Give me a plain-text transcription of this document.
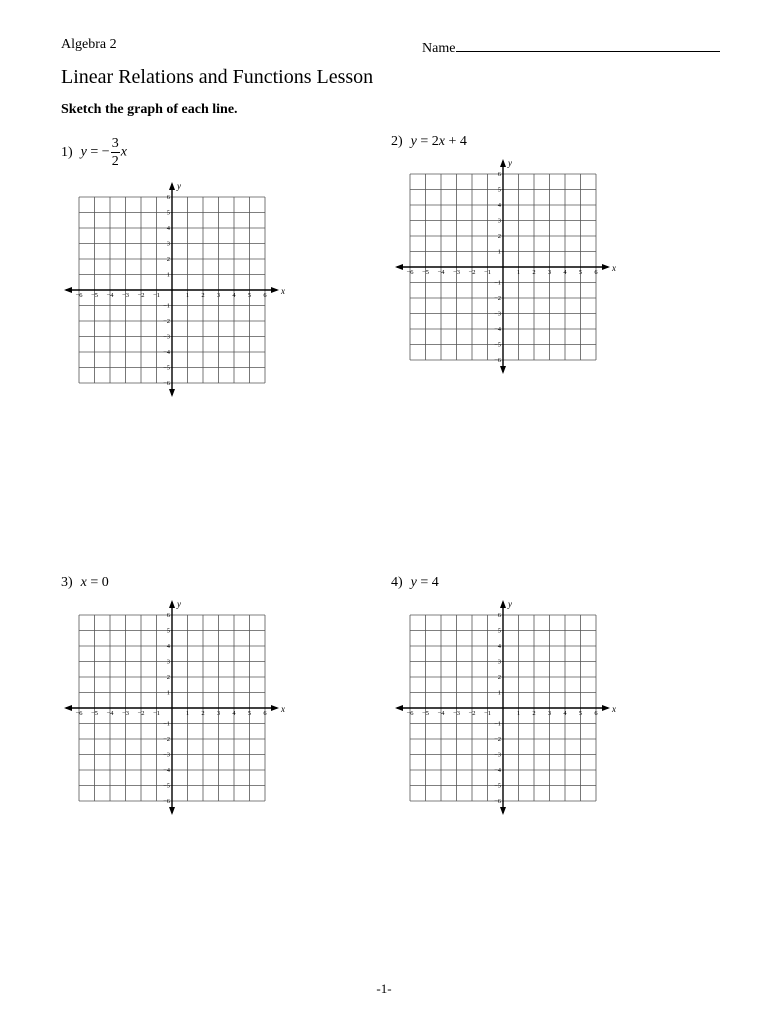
Algebra 2	Name
Linear Relations and Functions Lesson
Sketch the graph of each line.
1) y = − $\frac{3}{2}$ x
2) y = 2x + 4
3) x = 0	4) y = 4
x
y
−6 −5 −4 −3 −2 −1	1 2 3 4 5 6
6
5
4
3
2
1
−1
−2
−3
−4
−5
−6
x
y
−6 −5 −4 −3 −2 −1	1 2 3 4 5 6
6
5
4
3
2
1
−1
−2
−3
−4
−5
−6
x
y
−6 −5 −4 −3 −2 −1	1 2 3 4 5 6
6
5
4
3
2
1
−1
−2
−3
−4
−5
−6
x
y
−6 −5 −4 −3 −2 −1	1 2 3 4 5 6
6
5
4
3
2
1
−1
−2
−3
−4
−5
−6
-1-
